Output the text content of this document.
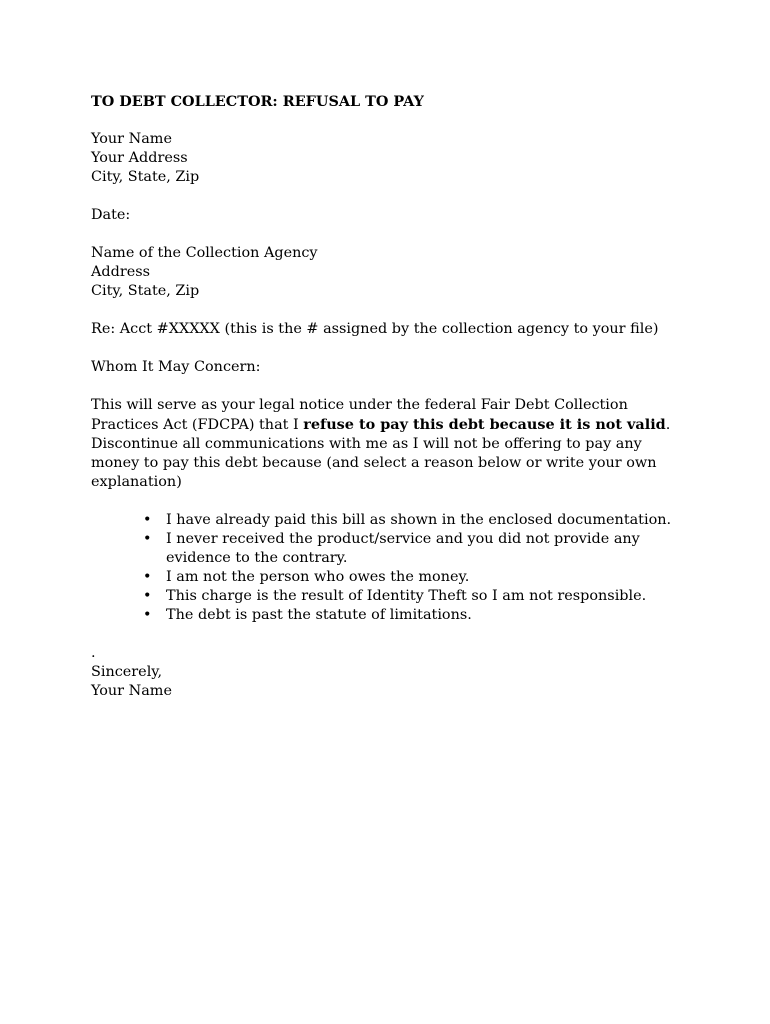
TO DEBT COLLECTOR: REFUSAL TO PAY
Your Name
Your Address
City, State, Zip
Date:
Name of the Collection Agency
Address
City, State, Zip
Re: Acct #XXXXX (this is the # assigned by the collection agency to your file)
Whom It May Concern:
This will serve as your legal notice under the federal Fair Debt Collection Practices Act (FDCPA) that I refuse to pay this debt because it is not valid. Discontinue all communications with me as I will not be offering to pay any money to pay this debt because (and select a reason below or write your own explanation)
• I have already paid this bill as shown in the enclosed documentation.
• I never received the product/service and you did not provide any evidence to the contrary.
• I am not the person who owes the money.
• This charge is the result of Identity Theft so I am not responsible.
• The debt is past the statute of limitations.
.
Sincerely,
Your Name
